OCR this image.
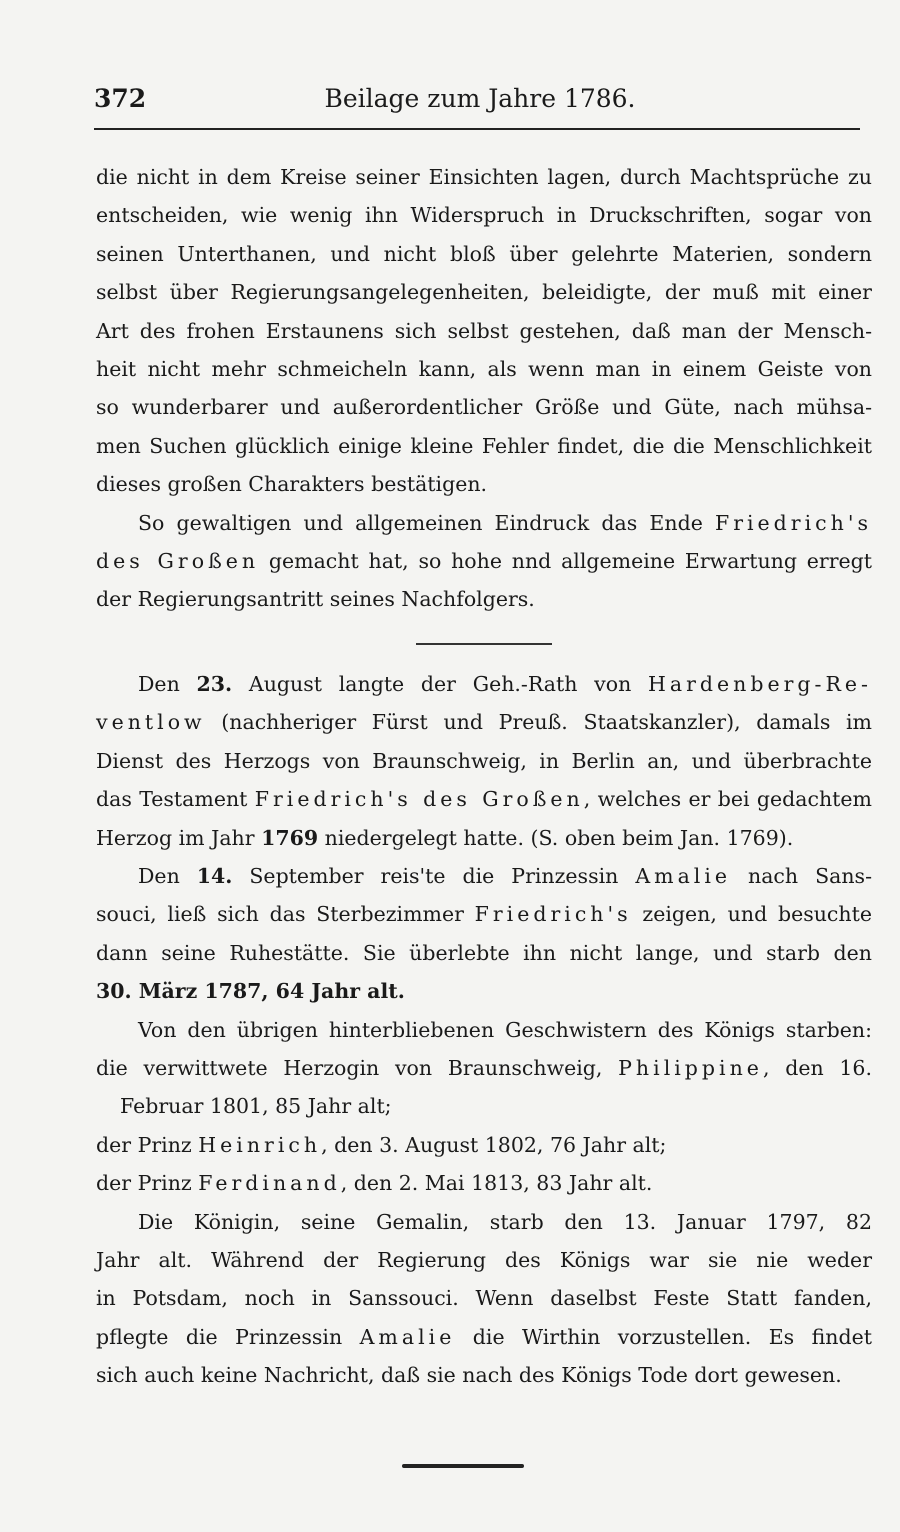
372	Beilage zum Jahre 1786.

die nicht in dem Kreise seiner Einsichten lagen, durch Machtsprüche zu

entscheiden, wie wenig ihn Widerspruch in Druckschriften, sogar von

seinen Unterthanen, und nicht bloß über gelehrte Materien, sondern

selbst über Regierungsangelegenheiten, beleidigte, der muß mit einer

Art des frohen Erstaunens sich selbst gestehen, daß man der Mensch-

heit nicht mehr schmeicheln kann, als wenn man in einem Geiste von

so wunderbarer und außerordentlicher Größe und Güte, nach mühsa-

men Suchen glücklich einige kleine Fehler findet, die die Menschlichkeit

dieses großen Charakters bestätigen.

So gewaltigen und allgemeinen Eindruck das Ende Friedrich's

des Großen gemacht hat, so hohe nnd allgemeine Erwartung erregt

der Regierungsantritt seines Nachfolgers.

Den 23. August langte der Geh.-Rath von Hardenberg-Re-

ventlow (nachheriger Fürst und Preuß. Staatskanzler), damals im

Dienst des Herzogs von Braunschweig, in Berlin an, und überbrachte

das Testament Friedrich's des Großen, welches er bei gedachtem

Herzog im Jahr 1769 niedergelegt hatte. (S. oben beim Jan. 1769).

Den 14. September reis'te die Prinzessin Amalie nach Sans-

souci, ließ sich das Sterbezimmer Friedrich's zeigen, und besuchte

dann seine Ruhestätte. Sie überlebte ihn nicht lange, und starb den

30. März 1787, 64 Jahr alt.

Von den übrigen hinterbliebenen Geschwistern des Königs starben:

die verwittwete Herzogin von Braunschweig, Philippine, den 16.

Februar 1801, 85 Jahr alt;

der Prinz Heinrich, den 3. August 1802, 76 Jahr alt;

der Prinz Ferdinand, den 2. Mai 1813, 83 Jahr alt.

Die Königin, seine Gemalin, starb den 13. Januar 1797, 82

Jahr alt. Während der Regierung des Königs war sie nie weder

in Potsdam, noch in Sanssouci. Wenn daselbst Feste Statt fanden,

pflegte die Prinzessin Amalie die Wirthin vorzustellen. Es findet

sich auch keine Nachricht, daß sie nach des Königs Tode dort gewesen.
